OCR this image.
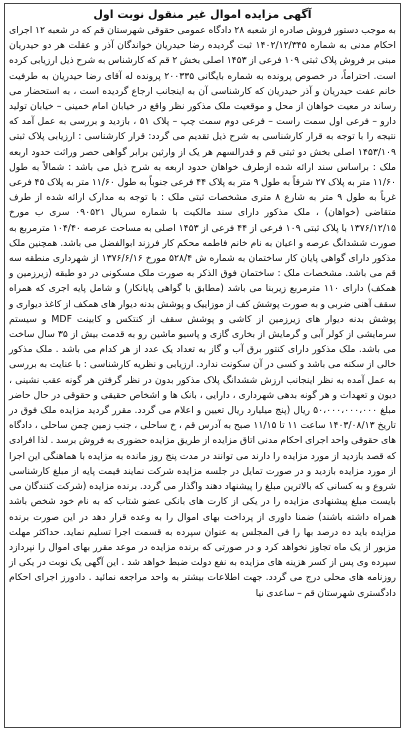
آگهی مزایده اموال غیر منقول نوبت اول

به موجب دستور فروش صادره از شعبه ۲۸ دادگاه عمومی حقوقی شهرستان قم که در شعبه ۱۲ اجرای احکام مدنی به شماره ۱۴۰۲/۱۲/۳۴۵ ثبت گردیده رضا حیدریان خواندگان آذر و عقلت هر دو حیدریان مبنی بر فروش پلاک ثبتی ۱۰۹ فرعی از ۱۴۵۳ اصلی بخش ۲ قم که کارشناس به شرح ذیل ارزیابی کرده است. احتراماً، در خصوص پرونده به شماره بایگانی ۲۰۰۳۳۵ پرونده له آقای رضا حیدریان به طرفیت خانم عفت حیدریان و آذر حیدریان که کارشناسی آن به اینجانب ارجاع گردیده است ، به استحضار می رساند در معیت خواهان از محل و موقعیت ملک مذکور نظر واقع در خیابان امام خمینی – خیابان تولید دارو – فرعی اول سمت راست – فرعی دوم سمت چپ – پلاک ۵۱ ، بازدید و بررسی به عمل آمد که نتیجه را با توجه به قرار کارشناسی به شرح ذیل تقدیم می گردد: قرار کارشناسی : ارزیابی پلاک ثبتی ۱۴۵۳/۱۰۹ اصلی بخش دو ثبتی قم و قدرالسهم هر یک از وارثین برابر گواهی حصر وراثت حدود اربعه ملک : براساس سند ارائه شده ازطرف خواهان حدود اربعه به شرح ذیل می باشد : شمالاً به طول ۱۱/۶۰ متر به پلاک ۲۷ شرقاً به طول ۹ متر به پلاک ۴۴ فرعی جنوباً به طول ۱۱/۶۰ متر به پلاک ۴۵ فرعی غرباً به طول ۹ متر به شارع ۸ متری مشخصات ثبتی ملک : با توجه به مدارک ارائه شده از طرف متقاضی (خواهان) ، ملک مذکور دارای سند مالکیت با شماره سریال ۰۹۰۵۲۱ سری ب مورخ ۱۳۷۶/۱۲/۱۵ با پلاک ثبتی ۱۰۹ فرعی از ۴۴ فرعی از ۱۴۵۳ اصلی به مساحت عرصه ۱۰۴/۴۰ مترمربع به صورت ششدانگ عرصه و اعیان به نام خانم فاطمه محکم کار فرزند ابوالفضل می باشد. همچنین ملک مذکور دارای گواهی پایان کار ساختمان به شماره ش ۵۲۸/۴ مورخ ۱۳۷۶/۶/۱۶ از شهرداری منطقه سه قم می باشد. مشخصات ملک : ساختمان فوق الذکر به صورت ملک مسکونی در دو طبقه (زیرزمین و همکف) دارای ۱۱۰ مترمربع زیربنا می باشد (مطابق با گواهی پایانکار) و شامل پایه اجری که همراه سقف آهنی ضربی و به صورت پوشش کف از موزاییک و پوشش بدنه دیوار های همکف از کاغذ دیواری و پوشش بدنه دیوار های زیرزمین از کاشی و پوشش سقف از کنتکس و کابینت MDF و سیستم سرمایشی از کولر آبی و گرمایش از بخاری گازی و پاسیو ماشین رو به قدمت بیش از ۳۵ سال ساخت می باشد. ملک مذکور دارای کنتور برق آب و گاز به تعداد یک عدد از هر کدام می باشد . ملک مذکور خالی از سکنه می باشد و کسی در آن سکونت ندارد. ارزیابی و نظریه کارشناسی : با عنایت به بررسی به عمل آمده به نظر اینجانب ارزش ششدانگ پلاک مذکور بدون در نظر گرفتن هر گونه عقب نشینی ، دیون و تعهدات و هر گونه بدهی شهرداری ، دارایی ، بانک ها و اشخاص حقیقی و حقوقی در حال حاضر مبلغ ۵۰،۰۰۰،۰۰۰،۰۰۰ ریال (پنج میلیارد ریال تعیین و اعلام می گردد. مقرر گردید مزایده ملک فوق در تاریخ ۱۴۰۳/۰۸/۱۳ ساعت ۱۱ تا ۱۱/۱۵ صبح به آدرس قم ، خ ساحلی ، جنب زمین چمن ساحلی ، دادگاه های حقوقی واحد اجرای احکام مدنی اتاق مزایده از طریق مزایده حضوری به فروش برسد . لذا افرادی که قصد بازدید از مورد مزایده را دارند می توانند در مدت پنج روز مانده به مزایده با هماهنگی این اجرا از مورد مزایده بازدید و در صورت تمایل در جلسه مزایده شرکت نمایند قیمت پایه از مبلغ کارشناسی شروع و به کسانی که بالاترین مبلغ را پیشنهاد دهند واگذار می گردد. برنده مزایده (شرکت کنندگان می بایست مبلغ پیشنهادی مزایده را در یکی از کارت های بانکی عضو شتاب که به نام خود شخص باشد همراه داشته باشند) ضمنا داوری از پرداخت بهای اموال را به وعده قرار دهد در این صورت برنده مزایده باید ده درصد بها را فی المجلس به عنوان سپرده به قسمت اجرا تسلیم نماید. حداکثر مهلت مزبور از یک ماه تجاوز نخواهد کرد و در صورتی که برنده مزایده در موعد مقرر بهای اموال را نپردازد سپرده وی پس از کسر هزینه های مزایده به نفع دولت ضبط خواهد شد . این آگهی یک نوبت در یکی از روزنامه های محلی درج می گردد. جهت اطلاعات بیشتر به واحد مراجعه نمائید . دادورز اجرای احکام دادگستری شهرستان قم – ساعدی نیا
